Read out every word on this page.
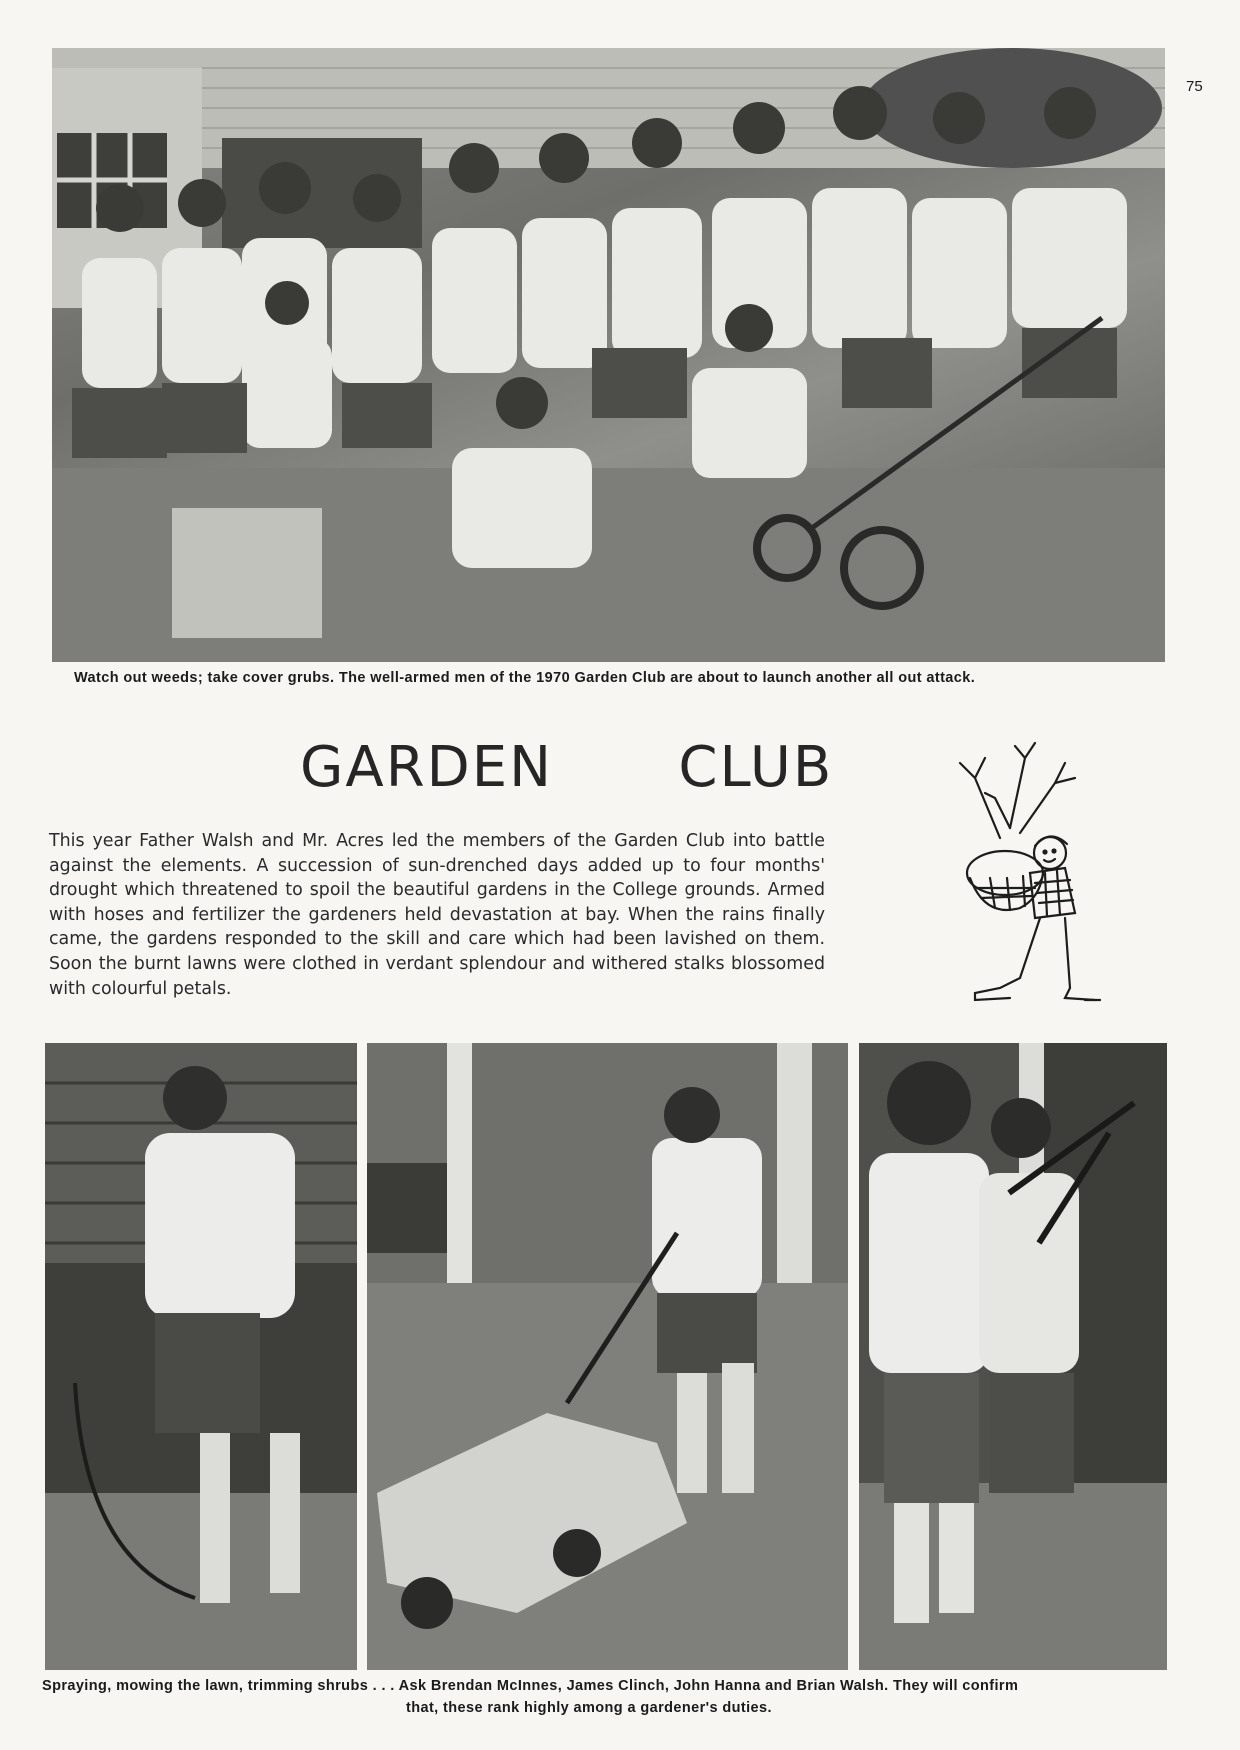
75
Watch out weeds; take cover grubs. The well-armed men of the 1970 Garden Club are about to launch another all out attack.
GARDEN   CLUB
This year Father Walsh and Mr. Acres led the members of the Garden Club into battle against the elements. A succession of sun-drenched days added up to four months' drought which threatened to spoil the beautiful gardens in the College grounds. Armed with hoses and fertilizer the gardeners held devastation at bay. When the rains finally came, the gardens responded to the skill and care which had been lavished on them. Soon the burnt lawns were clothed in verdant splendour and withered stalks blossomed with colourful petals.
Spraying, mowing the lawn, trimming shrubs . . . Ask Brendan McInnes, James Clinch, John Hanna and Brian Walsh. They will confirm
that, these rank highly among a gardener's duties.
